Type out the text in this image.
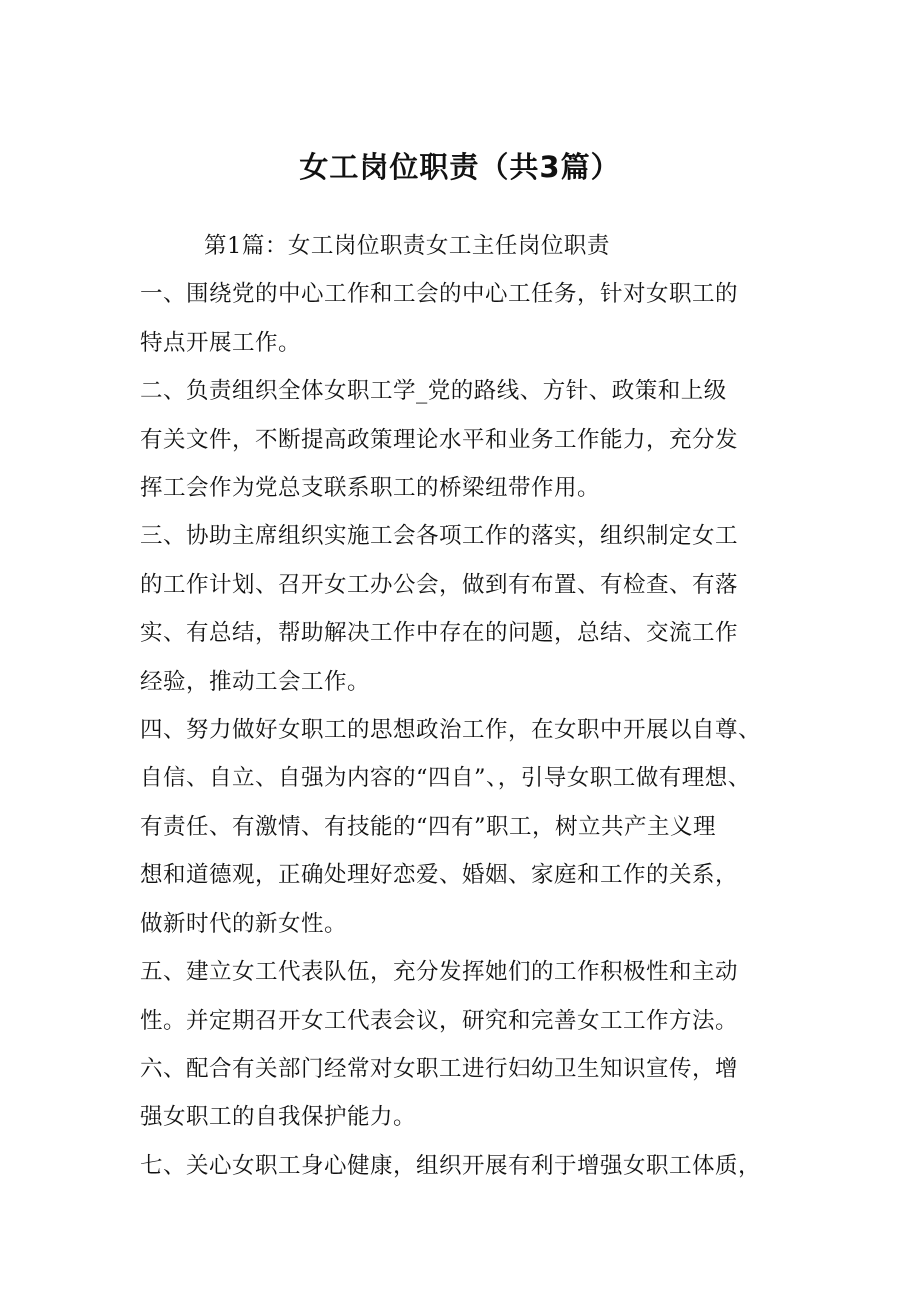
女工岗位职责（共3篇）
第1篇：女工岗位职责女工主任岗位职责
一、围绕党的中心工作和工会的中心工任务，针对女职工的
特点开展工作。
二、负责组织全体女职工学_党的路线、方针、政策和上级
有关文件，不断提高政策理论水平和业务工作能力，充分发
挥工会作为党总支联系职工的桥梁纽带作用。
三、协助主席组织实施工会各项工作的落实，组织制定女工
的工作计划、召开女工办公会，做到有布置、有检查、有落
实、有总结，帮助解决工作中存在的问题，总结、交流工作
经验，推动工会工作。
四、努力做好女职工的思想政治工作，在女职中开展以自尊、
自信、自立、自强为内容的“四自”、，引导女职工做有理想、
有责任、有激情、有技能的“四有”职工，树立共产主义理
想和道德观，正确处理好恋爱、婚姻、家庭和工作的关系，
做新时代的新女性。
五、建立女工代表队伍，充分发挥她们的工作积极性和主动
性。并定期召开女工代表会议，研究和完善女工工作方法。
六、配合有关部门经常对女职工进行妇幼卫生知识宣传，增
强女职工的自我保护能力。
七、关心女职工身心健康，组织开展有利于增强女职工体质，
